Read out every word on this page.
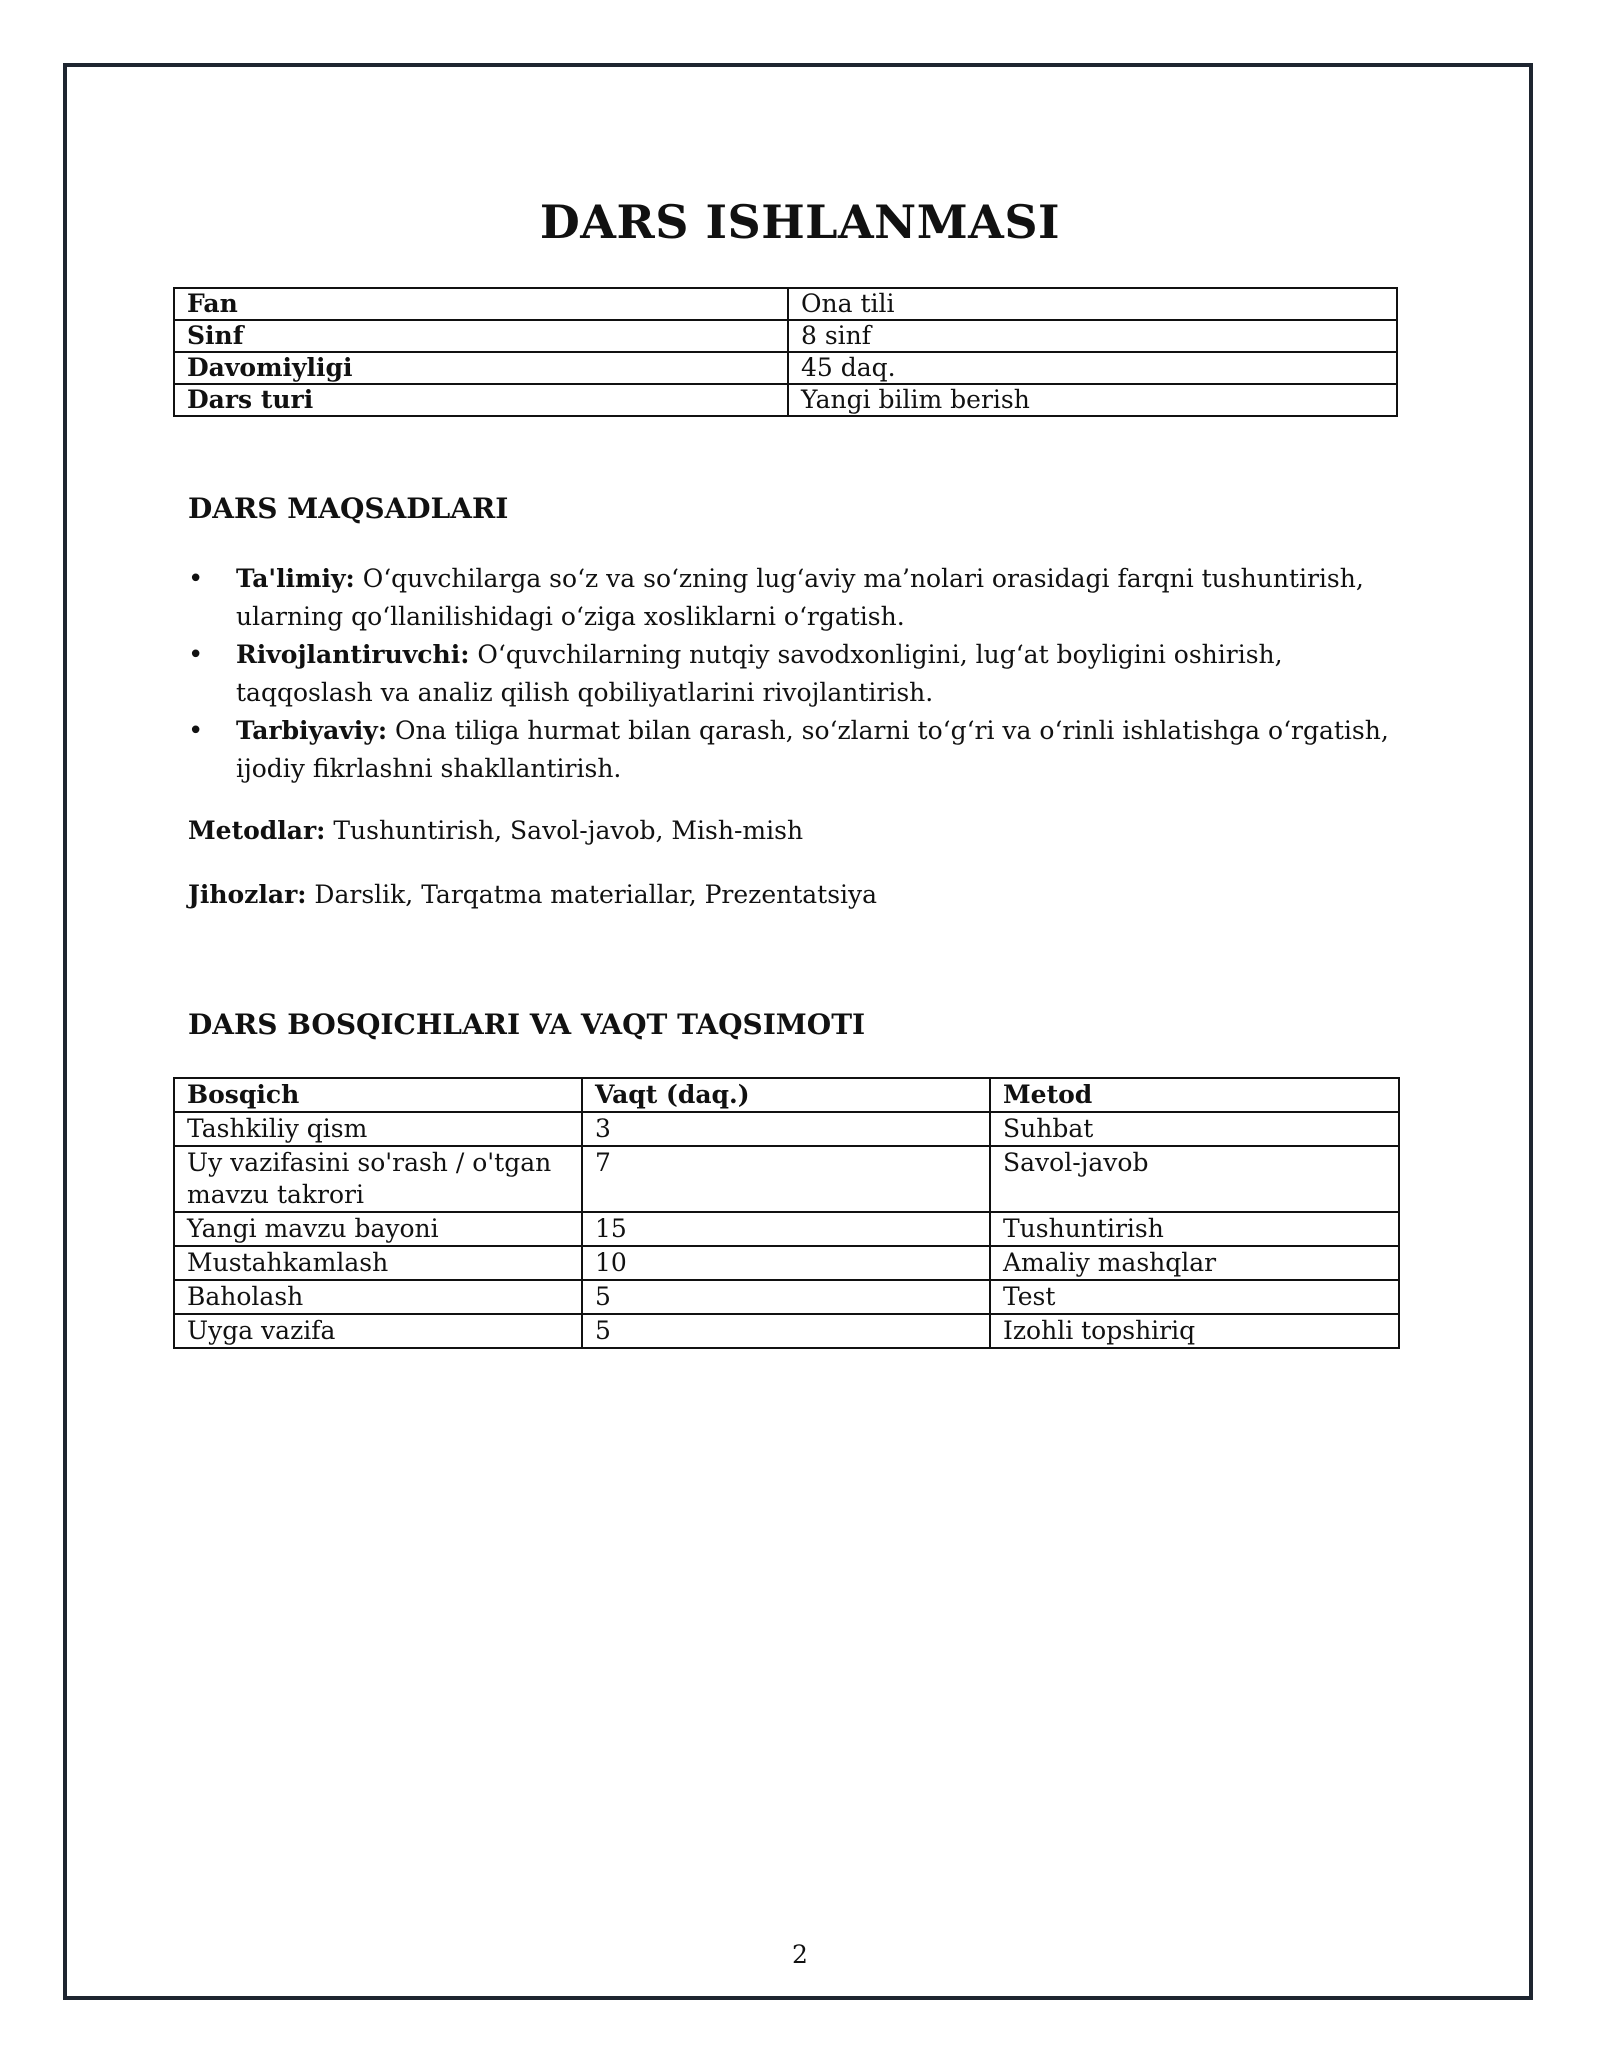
DARS ISHLANMASI
Fan	Ona tili
Sinf	8 sinf
Davomiyligi	45 daq.
Dars turi	Yangi bilim berish
DARS MAQSADLARI
• Ta'limiy: O‘quvchilarga so‘z va so‘zning lug‘aviy ma’nolari orasidagi farqni tushuntirish, ularning qo‘llanilishidagi o‘ziga xosliklarni o‘rgatish.
• Rivojlantiruvchi: O‘quvchilarning nutqiy savodxonligini, lug‘at boyligini oshirish, taqqoslash va analiz qilish qobiliyatlarini rivojlantirish.
• Tarbiyaviy: Ona tiliga hurmat bilan qarash, so‘zlarni to‘g‘ri va o‘rinli ishlatishga o‘rgatish, ijodiy fikrlashni shakllantirish.

Metodlar: Tushuntirish, Savol-javob, Mish-mish

Jihozlar: Darslik, Tarqatma materiallar, Prezentatsiya

DARS BOSQICHLARI VA VAQT TAQSIMOTI
Bosqich	Vaqt (daq.)	Metod
Tashkiliy qism	3	Suhbat
Uy vazifasini so'rash / o'tgan mavzu takrori	7	Savol-javob
Yangi mavzu bayoni	15	Tushuntirish
Mustahkamlash	10	Amaliy mashqlar
Baholash	5	Test
Uyga vazifa	5	Izohli topshiriq
2
